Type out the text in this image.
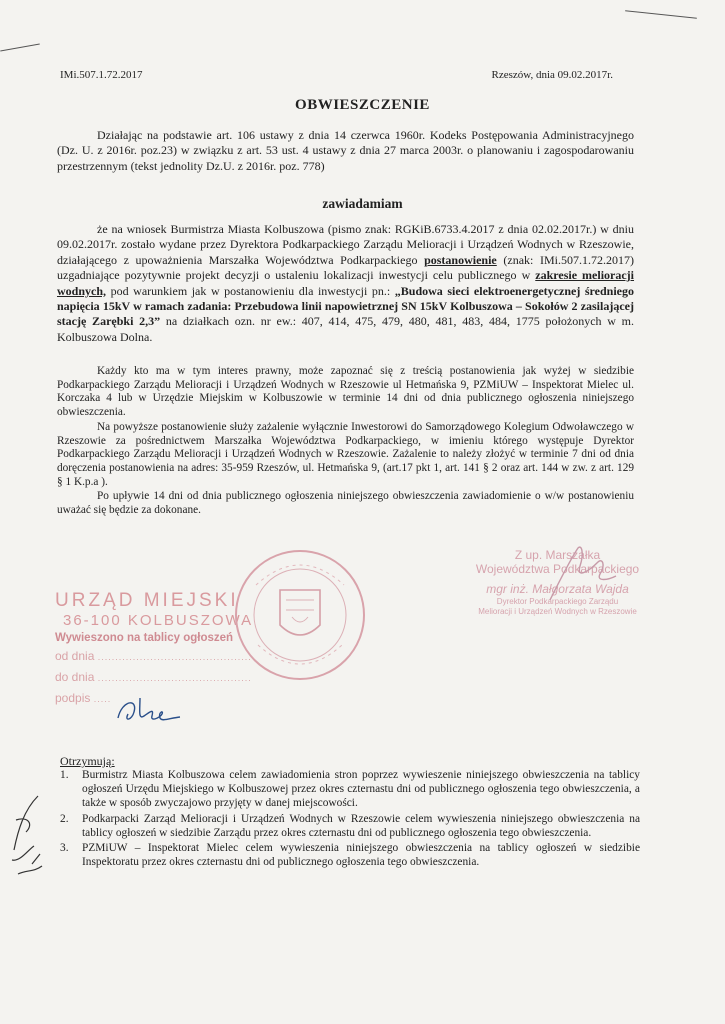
IMi.507.1.72.2017	Rzeszów, dnia 09.02.2017r.
OBWIESZCZENIE
Działając na podstawie art. 106 ustawy z dnia 14 czerwca 1960r. Kodeks Postępowania Administracyjnego (Dz. U. z 2016r. poz.23) w związku z art. 53 ust. 4 ustawy z dnia 27 marca 2003r. o planowaniu i zagospodarowaniu przestrzennym (tekst jednolity Dz.U. z 2016r. poz. 778)
zawiadamiam
że na wniosek Burmistrza Miasta Kolbuszowa (pismo znak: RGKiB.6733.4.2017 z dnia 02.02.2017r.) w dniu 09.02.2017r. zostało wydane przez Dyrektora Podkarpackiego Zarządu Melioracji i Urządzeń Wodnych w Rzeszowie, działającego z upoważnienia Marszałka Województwa Podkarpackiego postanowienie (znak: IMi.507.1.72.2017) uzgadniające pozytywnie projekt decyzji o ustaleniu lokalizacji inwestycji celu publicznego w zakresie melioracji wodnych, pod warunkiem jak w postanowieniu dla inwestycji pn.: „Budowa sieci elektroenergetycznej średniego napięcia 15kV w ramach zadania: Przebudowa linii napowietrznej SN 15kV Kolbuszowa – Sokołów 2 zasilającej stację Zarębki 2,3” na działkach ozn. nr ew.: 407, 414, 475, 479, 480, 481, 483, 484, 1775 położonych w m. Kolbuszowa Dolna.
Każdy kto ma w tym interes prawny, może zapoznać się z treścią postanowienia jak wyżej w siedzibie Podkarpackiego Zarządu Melioracji i Urządzeń Wodnych w Rzeszowie ul Hetmańska 9, PZMiUW – Inspektorat Mielec ul. Korczaka 4 lub w Urzędzie Miejskim w Kolbuszowie w terminie 14 dni od dnia publicznego ogłoszenia niniejszego obwieszczenia.
Na powyższe postanowienie służy zażalenie wyłącznie Inwestorowi do Samorządowego Kolegium Odwoławczego w Rzeszowie za pośrednictwem Marszałka Województwa Podkarpackiego, w imieniu którego występuje Dyrektor Podkarpackiego Zarządu Melioracji i Urządzeń Wodnych w Rzeszowie. Zażalenie to należy złożyć w terminie 7 dni od dnia doręczenia postanowienia na adres: 35-959 Rzeszów, ul. Hetmańska 9, (art.17 pkt 1, art. 141 § 2 oraz art. 144 w zw. z art. 129 § 1 K.p.a ).
Po upływie 14 dni od dnia publicznego ogłoszenia niniejszego obwieszczenia zawiadomienie o w/w postanowieniu uważać się będzie za dokonane.
URZĄD MIEJSKI
36-100 KOLBUSZOWA
Wywieszono na tablicy ogłoszeń
od dnia ............................................
do dnia ............................................
podpis .....
Z up. Marszałka
Województwa Podkarpackiego
mgr inż. Małgorzata Wajda
Dyrektor Podkarpackiego Zarządu
Melioracji i Urządzeń Wodnych w Rzeszowie
Otrzymują:
1. Burmistrz Miasta Kolbuszowa celem zawiadomienia stron poprzez wywieszenie niniejszego obwieszczenia na tablicy ogłoszeń Urzędu Miejskiego w Kolbuszowej przez okres czternastu dni od publicznego ogłoszenia tego obwieszczenia, a także w sposób zwyczajowo przyjęty w danej miejscowości.
2. Podkarpacki Zarząd Melioracji i Urządzeń Wodnych w Rzeszowie celem wywieszenia niniejszego obwieszczenia na tablicy ogłoszeń w siedzibie Zarządu przez okres czternastu dni od publicznego ogłoszenia tego obwieszczenia.
3. PZMiUW – Inspektorat Mielec celem wywieszenia niniejszego obwieszczenia na tablicy ogłoszeń w siedzibie Inspektoratu przez okres czternastu dni od publicznego ogłoszenia tego obwieszczenia.
